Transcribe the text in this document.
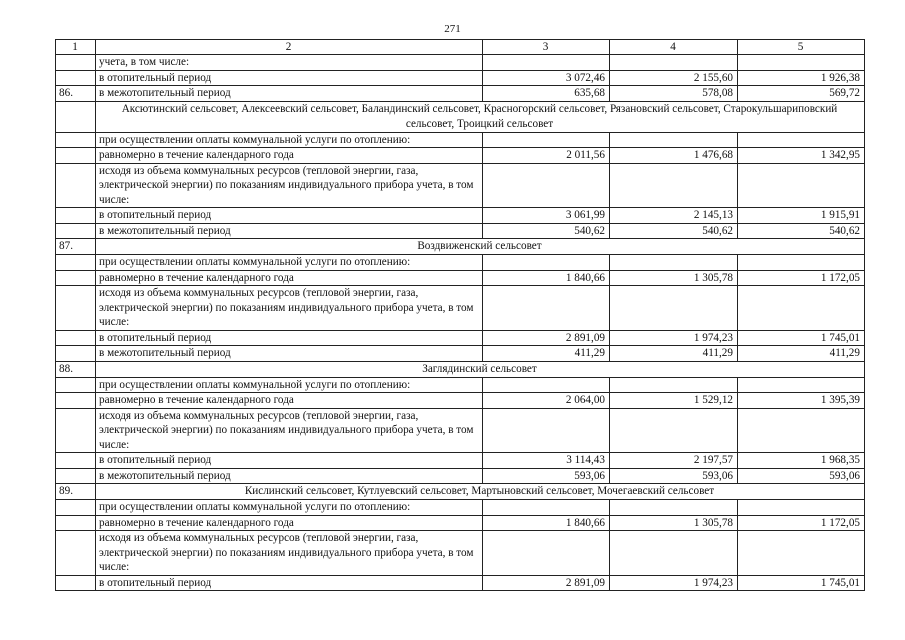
271
1	2	3	4	5
	учета, в том числе:			
	в отопительный период	3 072,46	2 155,60	1 926,38
86.	в межотопительный период	635,68	578,08	569,72
	Аксютинский сельсовет, Алексеевский сельсовет, Баландинский сельсовет, Красногорский сельсовет, Рязановский сельсовет, Старокульшариповский сельсовет, Троицкий сельсовет			
	при осуществлении оплаты коммунальной услуги по отоплению:			
	равномерно в течение календарного года	2 011,56	1 476,68	1 342,95
	исходя из объема коммунальных ресурсов (тепловой энергии, газа, электрической энергии) по показаниям индивидуального прибора учета, в том числе:			
	в отопительный период	3 061,99	2 145,13	1 915,91
	в межотопительный период	540,62	540,62	540,62
87.	Воздвиженский сельсовет			
	при осуществлении оплаты коммунальной услуги по отоплению:			
	равномерно в течение календарного года	1 840,66	1 305,78	1 172,05
	исходя из объема коммунальных ресурсов (тепловой энергии, газа, электрической энергии) по показаниям индивидуального прибора учета, в том числе:			
	в отопительный период	2 891,09	1 974,23	1 745,01
	в межотопительный период	411,29	411,29	411,29
88.	Заглядинский сельсовет			
	при осуществлении оплаты коммунальной услуги по отоплению:			
	равномерно в течение календарного года	2 064,00	1 529,12	1 395,39
	исходя из объема коммунальных ресурсов (тепловой энергии, газа, электрической энергии) по показаниям индивидуального прибора учета, в том числе:			
	в отопительный период	3 114,43	2 197,57	1 968,35
	в межотопительный период	593,06	593,06	593,06
89.	Кислинский сельсовет, Кутлуевский сельсовет, Мартыновский сельсовет, Мочегаевский сельсовет			
	при осуществлении оплаты коммунальной услуги по отоплению:			
	равномерно в течение календарного года	1 840,66	1 305,78	1 172,05
	исходя из объема коммунальных ресурсов (тепловой энергии, газа, электрической энергии) по показаниям индивидуального прибора учета, в том числе:			
	в отопительный период	2 891,09	1 974,23	1 745,01
